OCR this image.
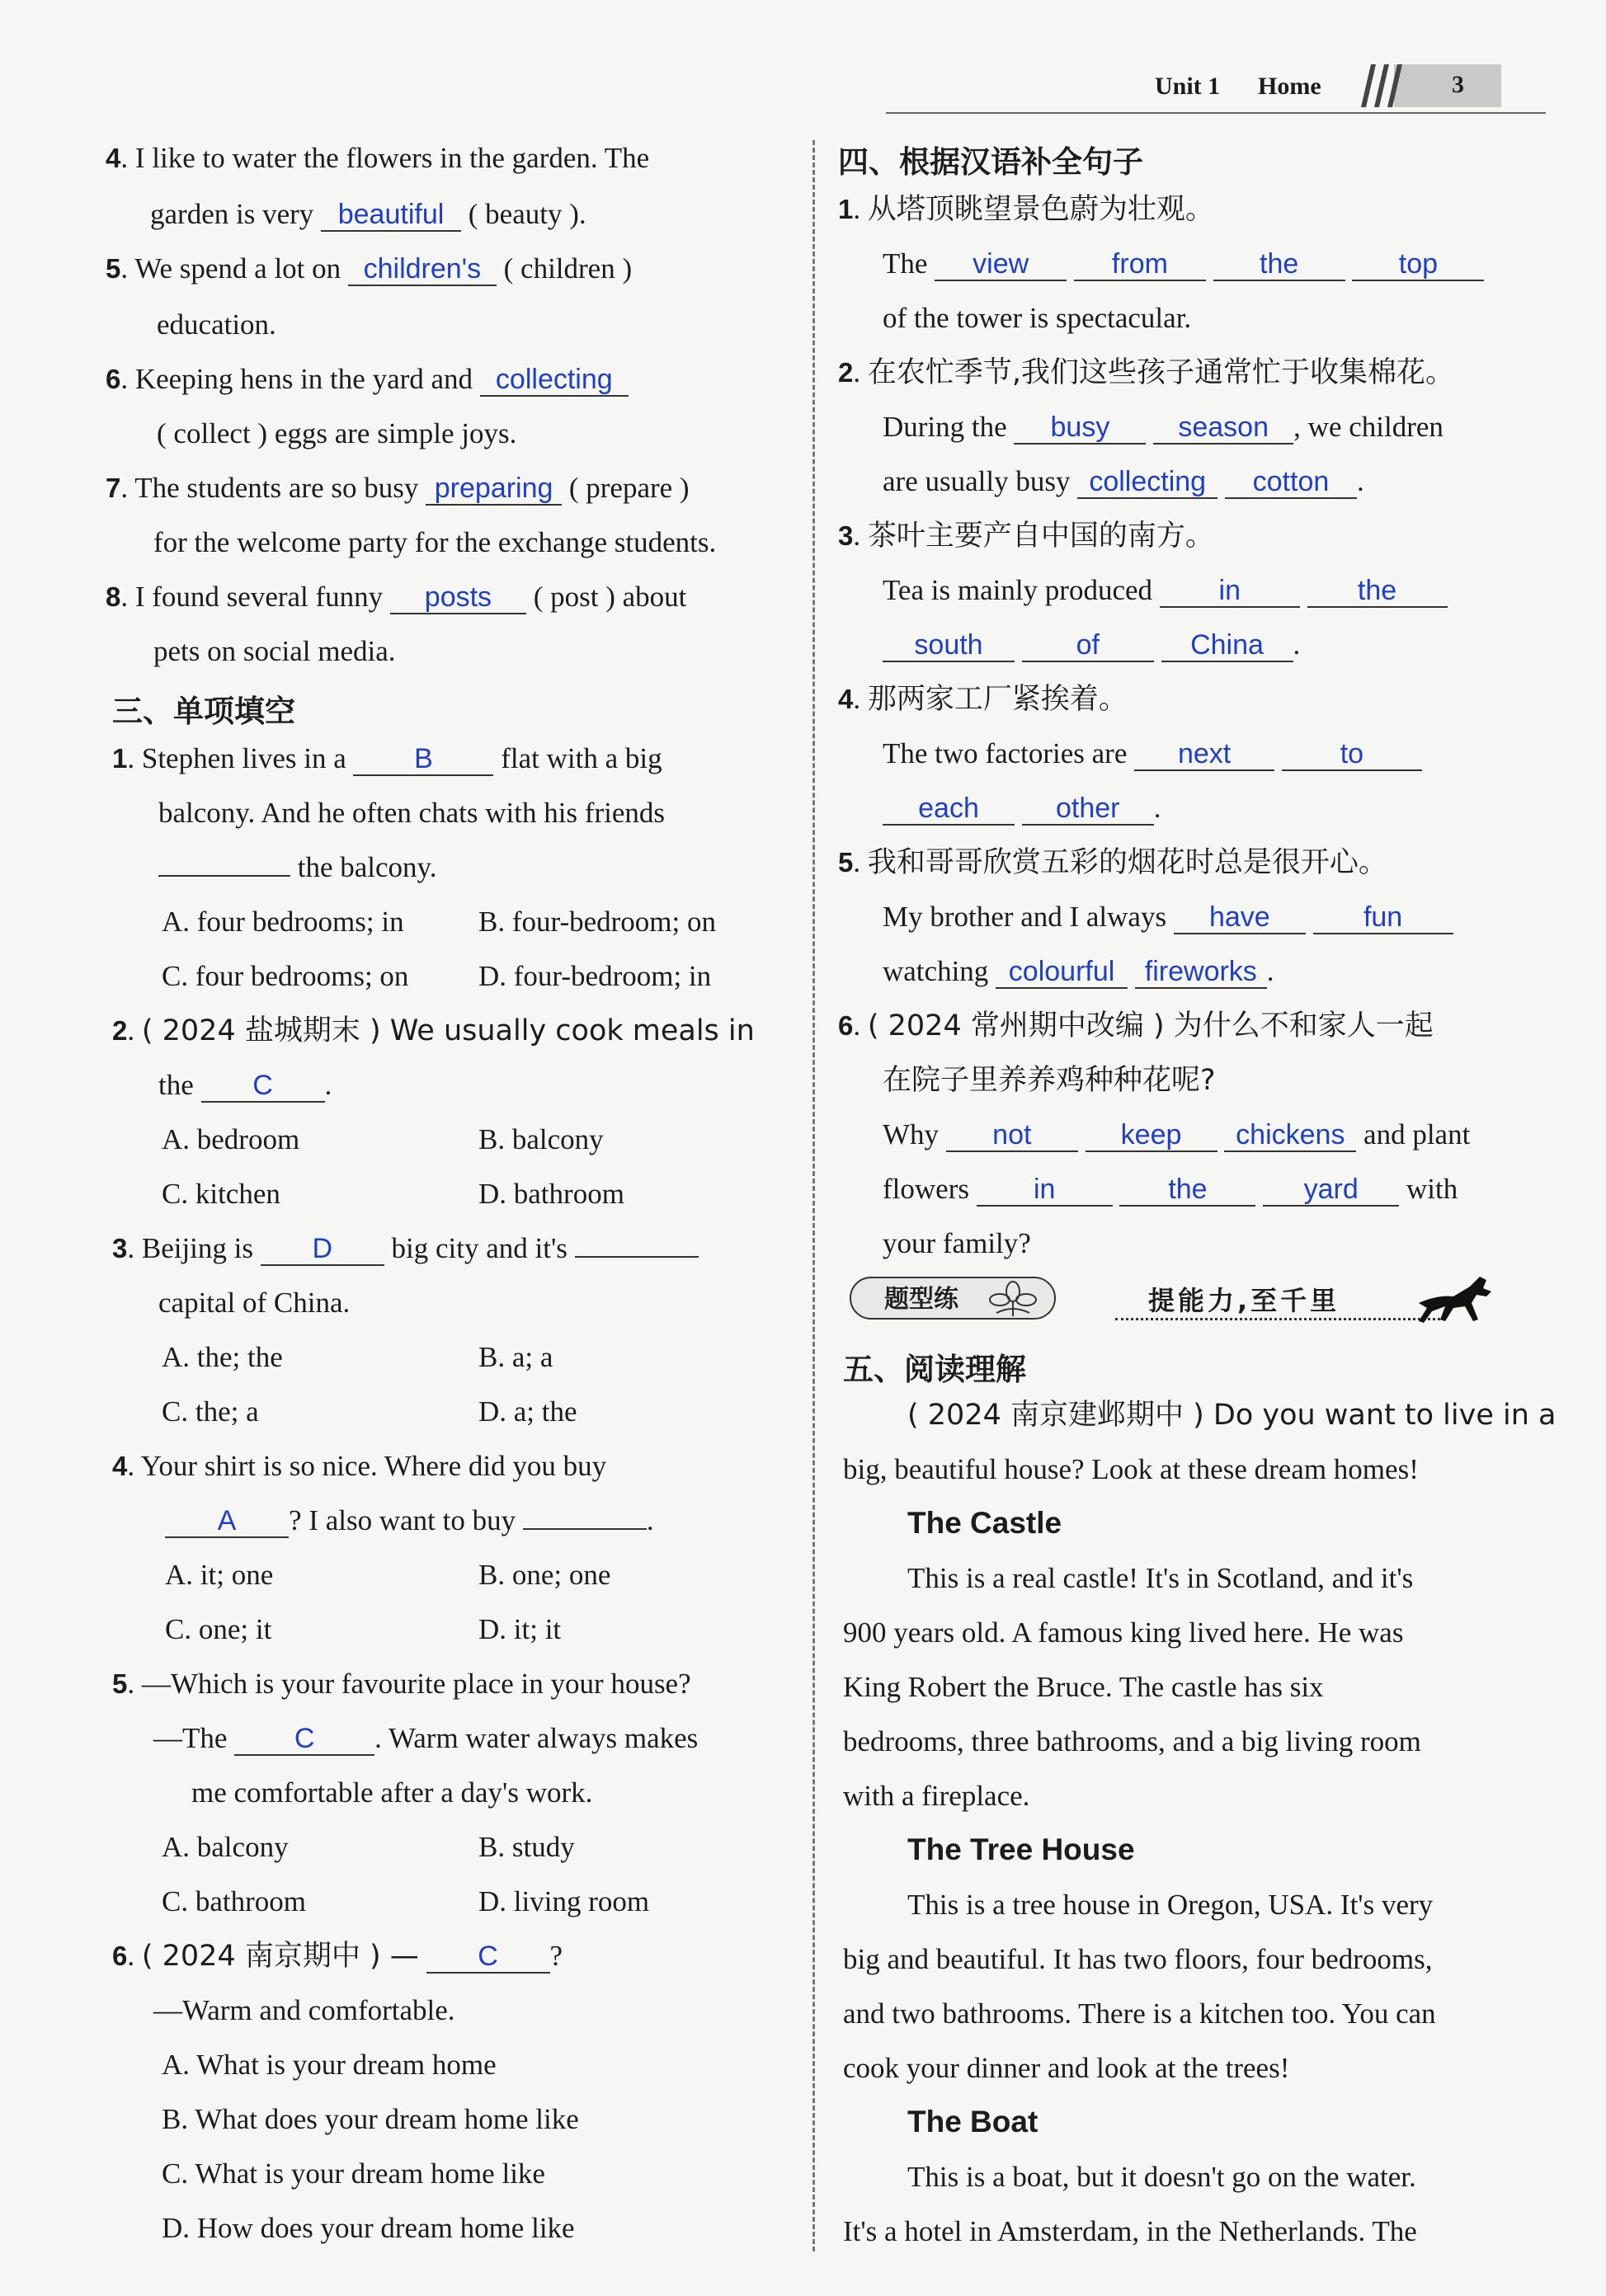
Unit 1 Home	3
4. I like to water the flowers in the garden. The
garden is very beautiful ( beauty ).
5. We spend a lot on children's ( children )
education.
6. Keeping hens in the yard and collecting
( collect ) eggs are simple joys.
7. The students are so busy preparing ( prepare )
for the welcome party for the exchange students.
8. I found several funny posts ( post ) about
pets on social media.
三、单项填空
1. Stephen lives in a B flat with a big
balcony. And he often chats with his friends
the balcony.
A. four bedrooms; in	B. four-bedroom; on
C. four bedrooms; on D. four-bedroom; in
2. ( 2024 盐城期末 ) We usually cook meals in
the C .
A. bedroom	B. balcony
C. kitchen	D. bathroom
3. Beijing is D big city and it's
capital of China.
A. the; the	B. a; a
C. the; a	D. a; the
4. Your shirt is so nice. Where did you buy
A ? I also want to buy	.
A. it; one	B. one; one
C. one; it	D. it; it
5. —Which is your favourite place in your house?
—The C . Warm water always makes
me comfortable after a day's work.
A. balcony	B. study
C. bathroom	D. living room
6. ( 2024 南京期中 ) — C ?
—Warm and comfortable.
A. What is your dream home
B. What does your dream home like
C. What is your dream home like
D. How does your dream home like
四、根据汉语补全句子
1. 从塔顶眺望景色蔚为壮观。
The view	from	the	top
of the tower is spectacular.
2. 在农忙季节,我们这些孩子通常忙于收集棉花。
During the busy season , we children
are usually busy collecting cotton .
3. 茶叶主要产自中国的南方。
Tea is mainly produced in	the
south	of	China .
4. 那两家工厂紧挨着。
The two factories are next	to
each	other .
5. 我和哥哥欣赏五彩的烟花时总是很开心。
My brother and I always have	fun
watching colourful fireworks .
6. ( 2024 常州期中改编 ) 为什么不和家人一起
在院子里养养鸡种种花呢?
Why not	keep chickens and plant
flowers in	the	yard with
your family?
题型练	提能力,至千里
五、阅读理解
( 2024 南京建邺期中 ) Do you want to live in a
big, beautiful house? Look at these dream homes!
The Castle
This is a real castle! It's in Scotland, and it's
900 years old. A famous king lived here. He was
King Robert the Bruce. The castle has six
bedrooms, three bathrooms, and a big living room
with a fireplace.
The Tree House
This is a tree house in Oregon, USA. It's very
big and beautiful. It has two floors, four bedrooms,
and two bathrooms. There is a kitchen too. You can
cook your dinner and look at the trees!
The Boat
This is a boat, but it doesn't go on the water.
It's a hotel in Amsterdam, in the Netherlands. The
